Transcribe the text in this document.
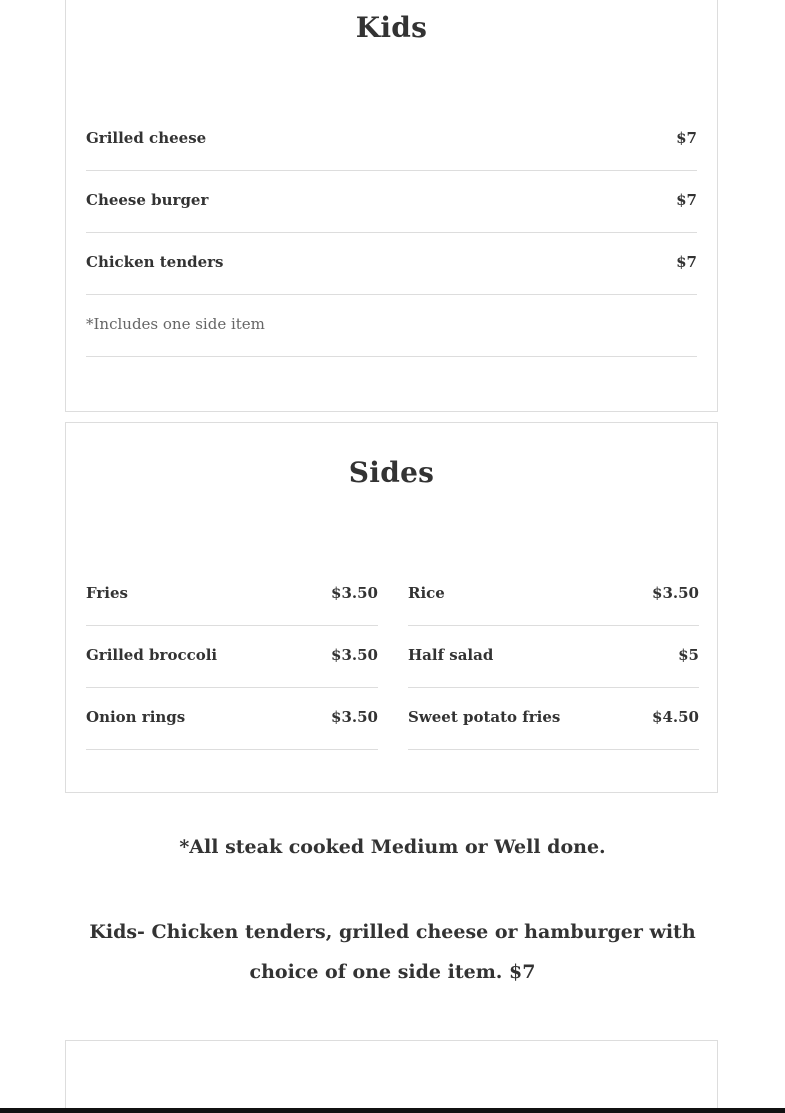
Kids
Grilled cheese	$7
Cheese burger	$7
Chicken tenders	$7
*Includes one side item
Sides
Fries	$3.50
Grilled broccoli	$3.50
Onion rings	$3.50
Rice	$3.50
Half salad	$5
Sweet potato fries	$4.50

*All steak cooked Medium or Well done.

Kids- Chicken tenders, grilled cheese or hamburger with choice of one side item. $7
